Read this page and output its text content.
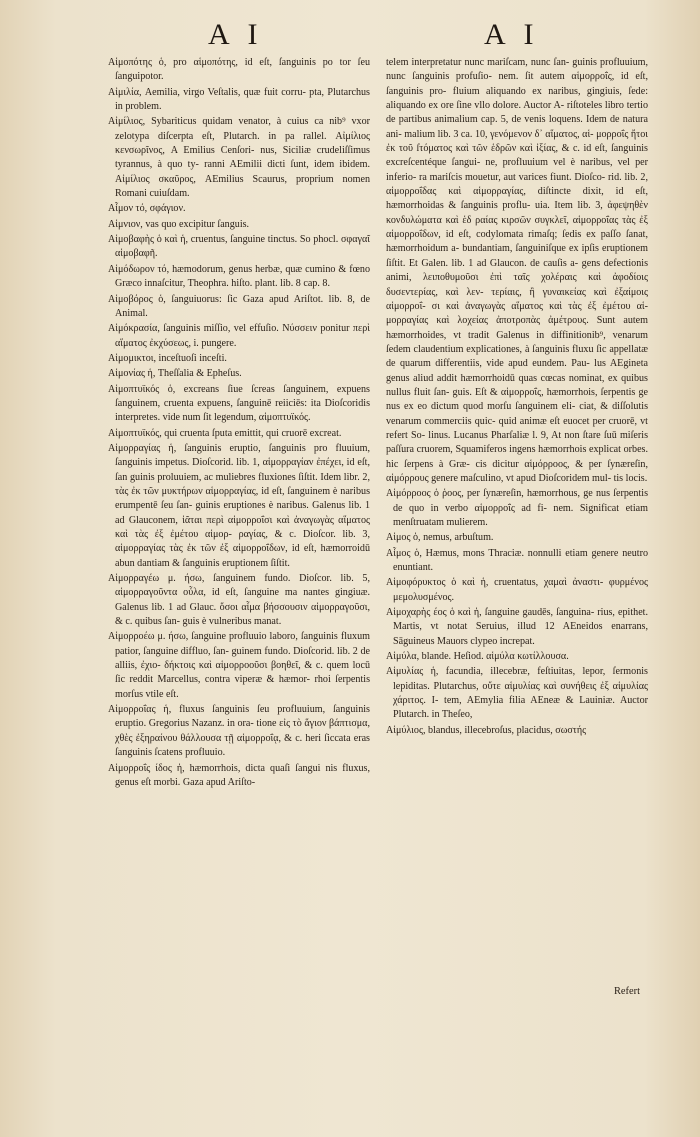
A I	A I

Αἱμοπότης ὁ, pro αἱμοπότης, id eſt, ſanguinis po tor ſeu ſanguipotor.

Αἰμιλία, Aemilia, virgo Veſtalis, quæ fuit corru- pta, Plutarchus in problem.

Αἰμίλιος, Sybariticus quidam venator, à cuius ca nib⁹ vxor zelotypa diſcerpta eſt, Plutarch. in pa rallel. Αἰμίλιος κενσωρῖνος, A Emilius Cenſori- nus, Siciliæ crudeliſſimus tyrannus, à quo ty- ranni AEmilii dicti ſunt, idem ibidem. Αἰμίλιος σκαῦρος, AEmilius Scaurus, proprium nomen Romani cuiuſdam.

Αἷμον τό, σφάγιον.

Αἱμνιον, vas quo excipitur ſanguis.

Αἱμοβαφὴς ὁ καὶ ἡ, cruentus, ſanguine tinctus. So phocl. σφαγαῖ αἱμοβαφῆ.

Αἱμόδωρον τό, hæmodorum, genus herbæ, quæ cumino & fœno Græco innaſcitur, Theophra. hiſto. plant. lib. 8 cap. 8.

Αἱμοβόρος ὁ, ſanguiuorus: ſic Gaza apud Ariſtot. lib. 8, de Animal.

Αἱμόκρασία, ſanguinis miſſio, vel effuſio. Νύσσειν ponitur περὶ αἵματος ἐκχύσεως, i. pungere.

Αἱμομικτοι, inceſtuoſi inceſti.

Αἱμονίας ἡ, Theſſalia & Epheſus.

Αἱμοπτυϊκός ὁ, excreans ſiue ſcreas ſanguinem, expuens ſanguinem, cruenta expuens, ſanguinē reiiciēs: ita Dioſcoridis interpretes. vide num ſit legendum, αἱμοπτυϊκός.

Αἱμοπτυϊκός, qui cruenta ſputa emittit, qui cruorē excreat.

Αἱμορραγίας ἡ, ſanguinis eruptio, ſanguinis pro fluuium, ſanguinis impetus. Dioſcorid. lib. 1, αἱμορραγίαν ἐπέχει, id eſt, ſan guinis proluuiem, ac muliebres fluxiones ſiſtit. Idem libr. 2, τὰς ἐκ τῶν μυκτήρων αἱμορραγίας, id eſt, ſanguinem è naribus erumpentē ſeu ſan- guinis eruptiones è naribus. Galenus lib. 1 ad Glauconem, ἰᾶται περὶ αἱμορροΐσι καὶ ἀναγωγὰς αἵματος καὶ τὰς ἐξ ἐμέτου αἱμορ- ραγίας, & c. Dioſcor. lib. 3, αἱμορραγίας τὰς ἐκ τῶν ἐξ αἱμορροΐδων, id eſt, hæmorroidū abun dantiam & ſanguinis eruptionem ſiſtit.

Αἱμορραγέω μ. ήσω, ſanguinem fundo. Dioſcor. lib. 5, αἱμορραγοῦντα οὖλα, id eſt, ſanguine ma nantes gingiuæ. Galenus lib. 1 ad Glauc. ὅσοι αἷμα βήσσουσιν αἱμορραγοῦσι, & c. quibus ſan- guis è vulneribus manat.

Αἱμορροέω μ. ήσω, ſanguine profluuio laboro, ſanguinis fluxum patior, ſanguine diffluo, ſan- guinem fundo. Dioſcorid. lib. 2 de alliis, ἐχιο- δήκτοις καὶ αἱμορροοῦσι βοηθεῖ, & c. quem locū ſic reddit Marcellus, contra viperæ & hæmor- rhoi ſerpentis morſus vtile eſt.

Αἱμορροΐας ἡ, fluxus ſanguinis ſeu profluuium, ſanguinis eruptio. Gregorius Nazanz. in ora- tione εἰς τὸ ἅγιον βάπτισμα, χθὲς ἐξηραίνου θάλλουσα τῇ αἱμορροΐᾳ, & c. heri ſiccata eras ſanguinis ſcatens profluuio.

Αἱμορροΐς ίδος ἡ, hæmorrhois, dicta quaſi ſangui nis fluxus, genus eſt morbi. Gaza apud Ariſto-

telem interpretatur nunc mariſcam, nunc ſan- guinis profluuium, nunc ſanguinis profuſio- nem. ſit autem αἱμορροΐς, id eſt, ſanguinis pro- fluium aliquando ex naribus, gingiuis, ſede: aliquando ex ore ſine vllo dolore. Auctor A- riſtoteles libro tertio de partibus animalium cap. 5, de venis loquens. Idem de natura ani- malium lib. 3 ca. 10, γενόμενον δ᾽ αἵματος, αἱ- μορροΐς ἤτοι ἐκ τοῦ ſτόματος καὶ τῶν ἑδρῶν καὶ ἰξίας, & c. id eſt, ſanguinis excreſcentéque ſangui- ne, profluuium vel è naribus, vel per inferio- ra mariſcis mouetur, aut varices fiunt. Dioſco- rid. lib. 2, αἱμορροΐδας καὶ αἱμορραγίας, diſtincte dixit, id eſt, hæmorrhoidas & ſanguinis proflu- uia. Item lib. 3, ἀφεψηθὲν κονδυλώματα καὶ ἑδ ραίας κιρσῶν συγκλεῖ, αἱμορροΐας τὰς ἐξ αἱμορροΐδων, id eſt, codylomata rimaſq; ſedis ex paſſo ſanat, hæmorrhoidum a- bundantiam, ſanguiniſque ex ipſis eruptionem ſiſtit. Et Galen. lib. 1 ad Glaucon. de cauſis a- gens defectionis animi, λειποθυμοῦσι ἐπὶ ταῖς χολέραις καὶ ἀφοδίοις δυσεντερίας, καὶ λεν- τερίαις, ἢ γυναικείας καὶ ἐξαίμοις αἱμορροΐ- σι καὶ ἀναγωγὰς αἵματος καὶ τὰς ἐξ ἐμέτου αἱ- μορραγίας καὶ λοχείας ἀποτροπὰς ἀμέτρους. Sunt autem hæmorrhoides, vt tradit Galenus in diffinitionib⁹, venarum ſedem claudentium explicationes, à ſanguinis fluxu ſic appellatæ de quarum differentiis, vide apud eundem. Pau- lus AEgineta genus aliud addit hæmorrhoidū quas cœcas nominat, ex quibus nullus fluit ſan- guis. Eſt & αἱμορροΐς, hæmorrhois, ſerpentis ge nus ex eo dictum quod morſu ſanguinem eli- ciat, & diſſolutis venarum commerciis quic- quid animæ eſt euocet per cruorē, vt refert So- linus. Lucanus Pharſaliæ l. 9, At non ſtare ſuū miſeris paſſura cruorem, Squamiferos ingens hæmorrhois explicat orbes. hic ſerpens à Græ- cis dicitur αἱμόρροος, & per ſynæreſin, αἱμόρρους genere maſculino, vt apud Dioſcoridem mul- tis locis.

Αἱμόρροος ὁ ῥοος, per ſynæreſin, hæmorrhous, ge nus ſerpentis de quo in verbo αἱμορροΐς ad fi- nem. Significat etiam menſtruatam mulierem.

Αἱμος ὁ, nemus, arbuſtum.

Αἷμος ὁ, Hæmus, mons Thraciæ. nonnulli etiam genere neutro enuntiant.

Αἱμοφόρυκτος ὁ καὶ ἡ, cruentatus, χαμαὶ ἀναστι- φυρμένος μεμολυσμένος.

Αἱμοχαρὴς έος ὁ καὶ ἡ, ſanguine gaudēs, ſanguina- rius, epithet. Martis, vt notat Seruius, illud 12 AEneidos enarrans, Sāguineus Mauors clypeo increpat.

Αἱμύλα, blande. Heſiod. αἱμύλα κωτίλλουσα.

Αἱμυλίας ἡ, facundia, illecebræ, feſtiuitas, lepor, ſermonis lepiditas. Plutarchus, οὔτε αἱμυλίας καὶ συνήθεις ἐξ αἱμυλίας χάριτος. I- tem, AEmylia filia AEneæ & Lauiniæ. Auctor Plutarch. in Theſeo,

Αἱμύλιος, blandus, illecebroſus, placidus, σωστής

Refert
